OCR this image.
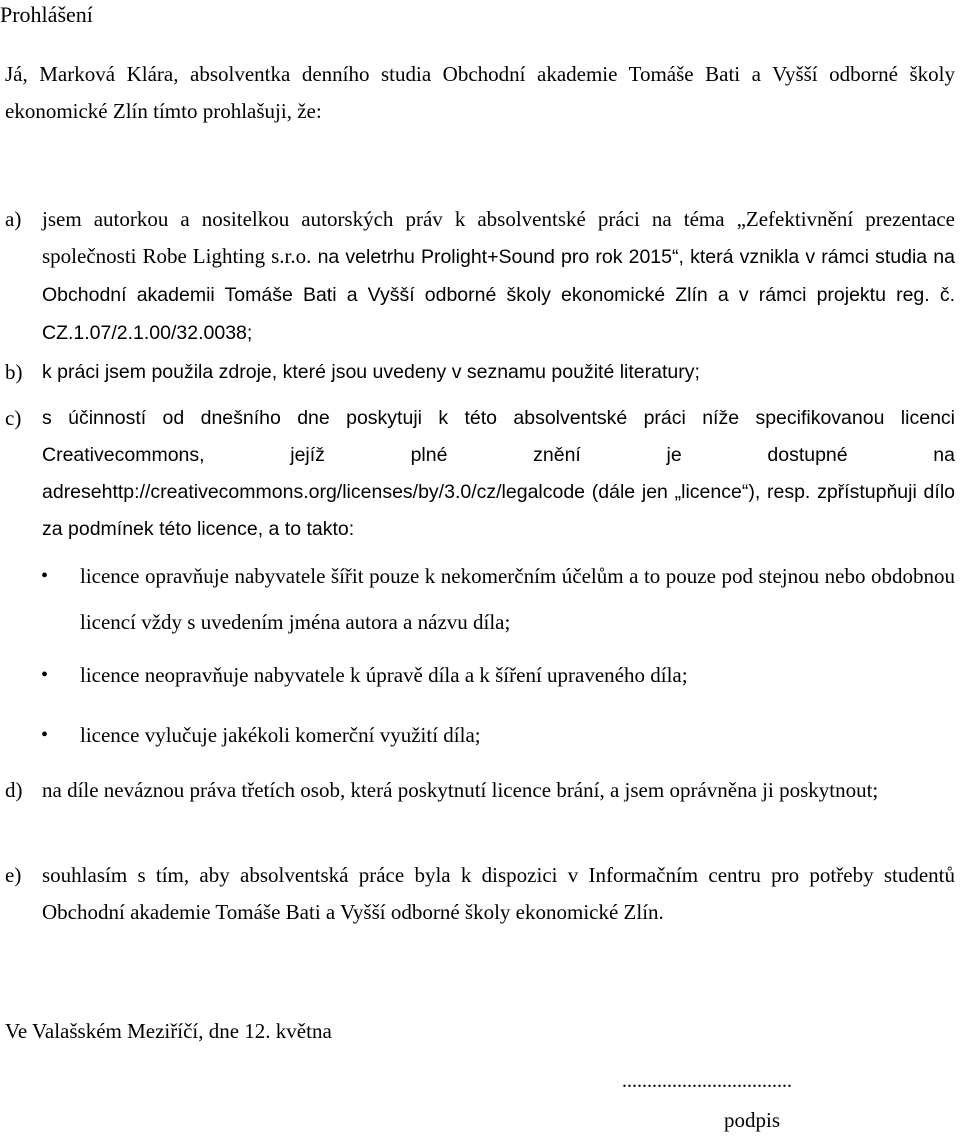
Prohlášení
Já, Marková Klára, absolventka denního studia Obchodní akademie Tomáše Bati a Vyšší odborné školy ekonomické Zlín tímto prohlašuji, že:
a) jsem autorkou a nositelkou autorských práv k absolventské práci na téma „Zefektivnění prezentace společnosti Robe Lighting s.r.o. na veletrhu Prolight+Sound pro rok 2015“, která vznikla v rámci studia na Obchodní akademii Tomáše Bati a Vyšší odborné školy ekonomické Zlín a v rámci projektu reg. č. CZ.1.07/2.1.00/32.0038;
b) k práci jsem použila zdroje, které jsou uvedeny v seznamu použité literatury;
c) s účinností od dnešního dne poskytuji k této absolventské práci níže specifikovanou licenci Creativecommons, jejíž plné znění je dostupné na adresehttp://creativecommons.org/licenses/by/3.0/cz/legalcode (dále jen „licence“), resp. zpřístupňuji dílo za podmínek této licence, a to takto:
• licence opravňuje nabyvatele šířit pouze k nekomerčním účelům a to pouze pod stejnou nebo obdobnou licencí vždy s uvedením jména autora a názvu díla;
• licence neopravňuje nabyvatele k úpravě díla a k šíření upraveného díla;
• licence vylučuje jakékoli komerční využití díla;
d) na díle neváznou práva třetích osob, která poskytnutí licence brání, a jsem oprávněna ji poskytnout;
e) souhlasím s tím, aby absolventská práce byla k dispozici v Informačním centru pro potřeby studentů Obchodní akademie Tomáše Bati a Vyšší odborné školy ekonomické Zlín.
Ve Valašském Meziříčí, dne 12. května
..................................
podpis
